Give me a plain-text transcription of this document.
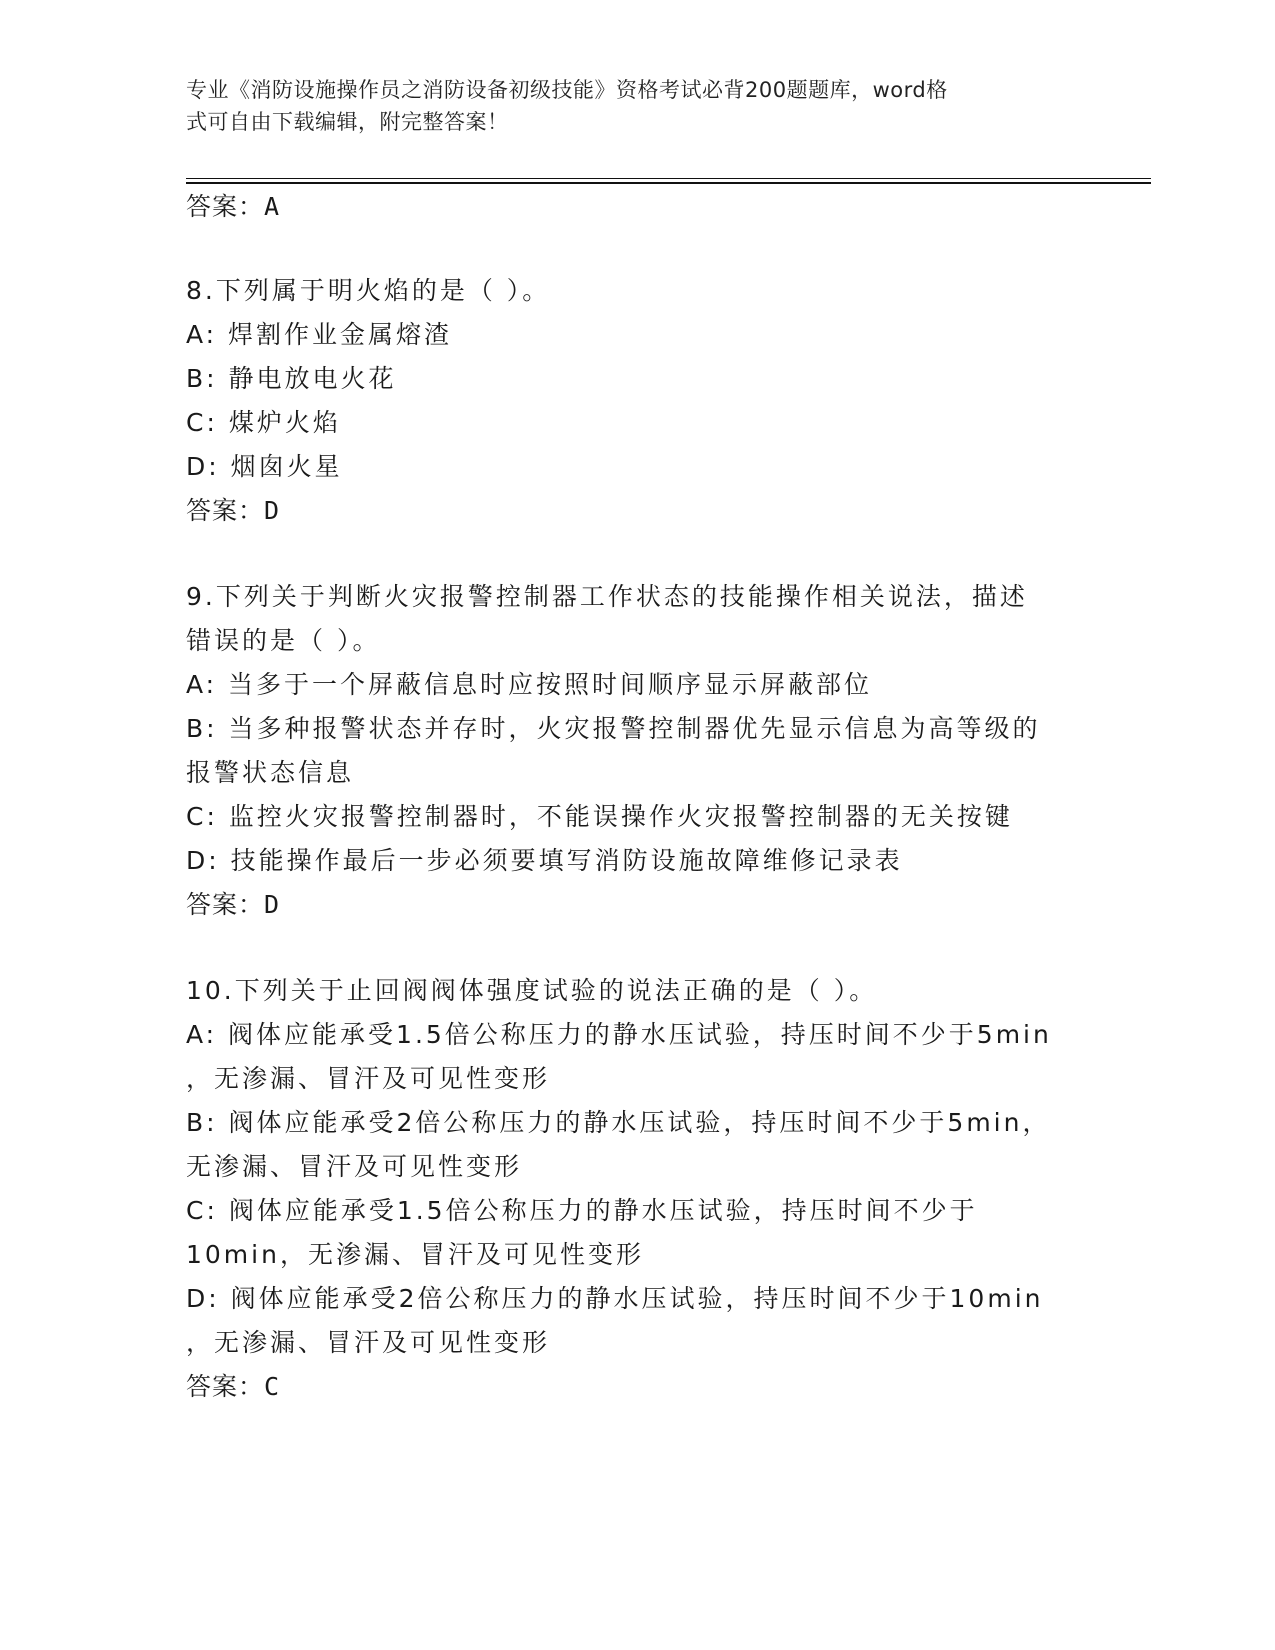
专业《消防设施操作员之消防设备初级技能》资格考试必背200题题库，word格
式可自由下载编辑，附完整答案！
答案：A
8.下列属于明火焰的是（ ）。
A: 焊割作业金属熔渣
B: 静电放电火花
C: 煤炉火焰
D: 烟囱火星
答案：D
9.下列关于判断火灾报警控制器工作状态的技能操作相关说法，描述
错误的是（ ）。
A: 当多于一个屏蔽信息时应按照时间顺序显示屏蔽部位
B: 当多种报警状态并存时，火灾报警控制器优先显示信息为高等级的
报警状态信息
C: 监控火灾报警控制器时，不能误操作火灾报警控制器的无关按键
D: 技能操作最后一步必须要填写消防设施故障维修记录表
答案：D
10.下列关于止回阀阀体强度试验的说法正确的是（ ）。
A: 阀体应能承受1.5倍公称压力的静水压试验，持压时间不少于5min
，无渗漏、冒汗及可见性变形
B: 阀体应能承受2倍公称压力的静水压试验，持压时间不少于5min，
无渗漏、冒汗及可见性变形
C: 阀体应能承受1.5倍公称压力的静水压试验，持压时间不少于
10min，无渗漏、冒汗及可见性变形
D: 阀体应能承受2倍公称压力的静水压试验，持压时间不少于10min
，无渗漏、冒汗及可见性变形
答案：C
